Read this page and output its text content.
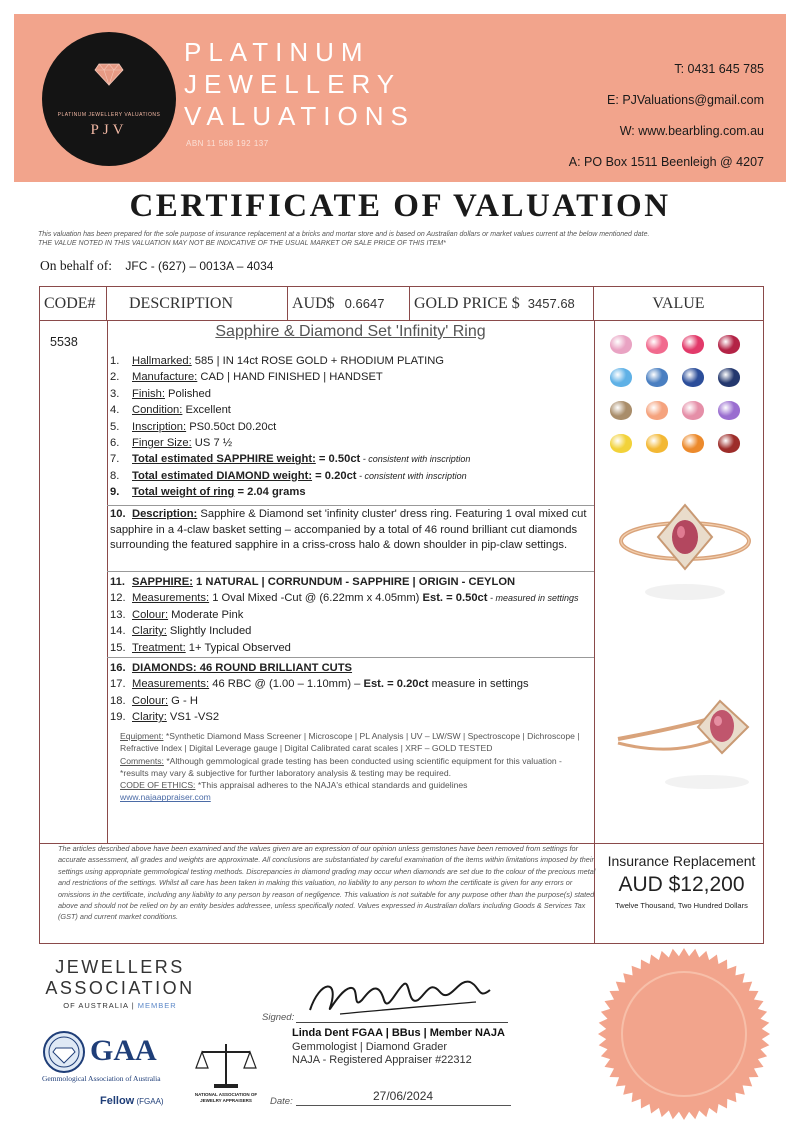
PLATINUM JEWELLERY VALUATIONS
PJV
PLATINUM
JEWELLERY
VALUATIONS
ABN 11 588 192 137
T: 0431 645 785
E: PJValuations@gmail.com
W: www.bearbling.com.au
A: PO Box 1511 Beenleigh @ 4207
CERTIFICATE OF VALUATION
This valuation has been prepared for the sole purpose of insurance replacement at a bricks and mortar store and is based on Australian dollars or market values current at the below mentioned date.
THE VALUE NOTED IN THIS VALUATION MAY NOT BE INDICATIVE OF THE USUAL MARKET OR SALE PRICE OF THIS ITEM*
On behalf of: JFC - (627) – 0013A – 4034
CODE#	DESCRIPTION	AUD$ 0.6647	GOLD PRICE $ 3457.68	VALUE
5538
Sapphire & Diamond Set 'Infinity' Ring
1. Hallmarked: 585 | IN 14ct ROSE GOLD + RHODIUM PLATING
2. Manufacture: CAD | HAND FINISHED | HANDSET
3. Finish: Polished
4. Condition: Excellent
5. Inscription: PS0.50ct D0.20ct
6. Finger Size: US 7 ½
7. Total estimated SAPPHIRE weight: = 0.50ct - consistent with inscription
8. Total estimated DIAMOND weight: = 0.20ct - consistent with inscription
9. Total weight of ring = 2.04 grams
10. Description: Sapphire & Diamond set 'infinity cluster' dress ring. Featuring 1 oval mixed cut sapphire in a 4-claw basket setting – accompanied by a total of 46 round brilliant cut diamonds surrounding the featured sapphire in a criss-cross halo & down shoulder in pip-claw settings.
11. SAPPHIRE: 1 NATURAL | CORRUNDUM - SAPPHIRE | ORIGIN - CEYLON
12. Measurements: 1 Oval Mixed -Cut @ (6.22mm x 4.05mm) Est. = 0.50ct - measured in settings
13. Colour: Moderate Pink
14. Clarity: Slightly Included
15. Treatment: 1+ Typical Observed
16. DIAMONDS: 46 ROUND BRILLIANT CUTS
17. Measurements: 46 RBC @ (1.00 – 1.10mm) – Est. = 0.20ct measure in settings
18. Colour: G - H
19. Clarity: VS1 -VS2
Equipment: *Synthetic Diamond Mass Screener | Microscope | PL Analysis | UV – LW/SW | Spectroscope | Dichroscope | Refractive Index | Digital Leverage gauge | Digital Calibrated carat scales | XRF – GOLD TESTED
Comments: *Although gemmological grade testing has been conducted using scientific equipment for this valuation - *results may vary & subjective for further laboratory analysis & testing may be required.
CODE OF ETHICS: *This appraisal adheres to the NAJA's ethical standards and guidelines
www.najaappraiser.com
The articles described above have been examined and the values given are an expression of our opinion unless gemstones have been removed from settings for accurate assessment, all grades and weights are approximate. All conclusions are substantiated by careful examination of the items within limitations imposed by their settings using appropriate gemmological testing methods. Discrepancies in diamond grading may occur when diamonds are set due to the colour of the precious metal and restrictions of the settings. Whilst all care has been taken in making this valuation, no liability to any person to whom the certificate is given for any errors or omissions in the certificate, including any liability to any person by reason of negligence. This valuation is not suitable for any purpose other than the purpose(s) stated above and should not be relied on by an entity besides addressee, unless specifically noted. Values expressed in Australian dollars including Goods & Services Tax (GST) and current market conditions.
Insurance Replacement
AUD $12,200
Twelve Thousand, Two Hundred Dollars
JEWELLERS
ASSOCIATION
OF AUSTRALIA | MEMBER
GAA
Gemmological Association of Australia
Fellow (FGAA)
NATIONAL ASSOCIATION OF JEWELRY APPRAISERS
Signed:
Linda Dent FGAA | BBus | Member NAJA
Gemmologist | Diamond Grader
NAJA - Registered Appraiser #22312
Date:	27/06/2024
